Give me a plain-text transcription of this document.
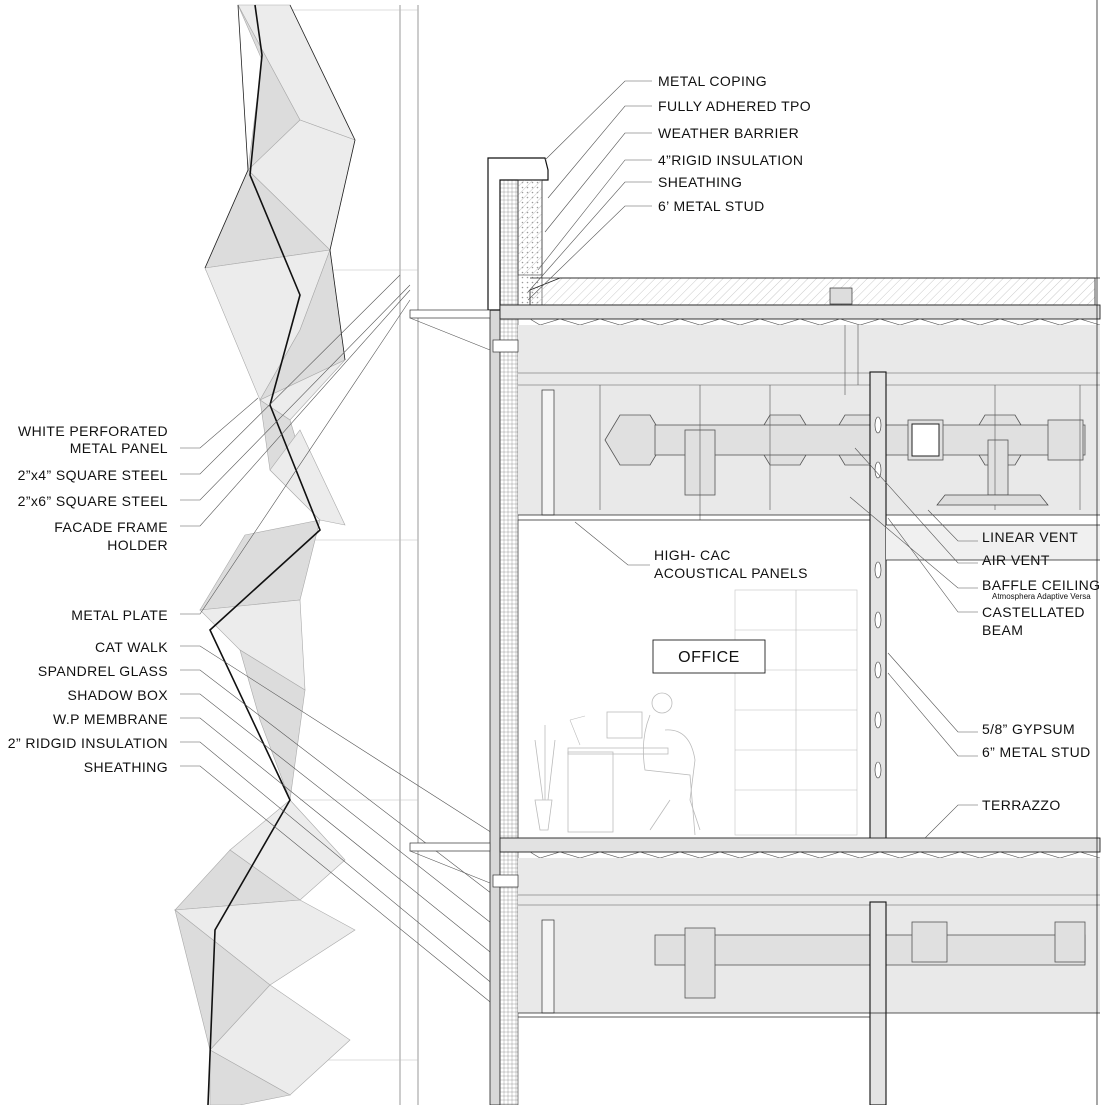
WHITE PERFORATED
METAL PANEL
2”x4” SQUARE STEEL
2”x6” SQUARE STEEL
FACADE FRAME
HOLDER
METAL PLATE
CAT WALK
SPANDREL GLASS
SHADOW BOX
W.P MEMBRANE
2” RIDGID INSULATION
SHEATHING
OFFICE
METAL COPING
FULLY ADHERED TPO
WEATHER BARRIER
4”RIGID INSULATION
SHEATHING
6’ METAL STUD
HIGH- CAC
ACOUSTICAL PANELS
LINEAR VENT
AIR VENT
BAFFLE CEILING
Atmosphera Adaptive Versa
CASTELLATED
BEAM
5/8” GYPSUM
6” METAL STUD
TERRAZZO
